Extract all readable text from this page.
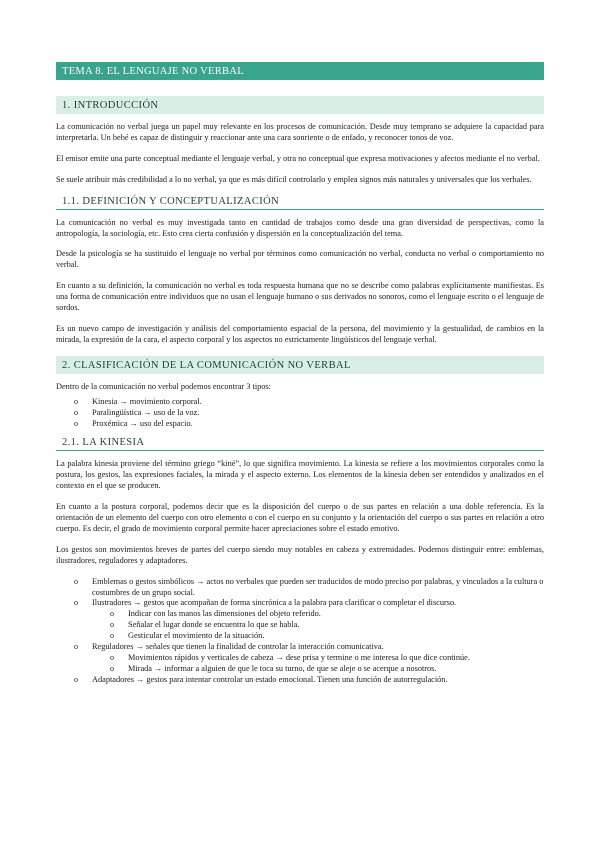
TEMA 8. EL LENGUAJE NO VERBAL
1. INTRODUCCIÓN

La comunicación no verbal juega un papel muy relevante en los procesos de comunicación. Desde muy temprano se adquiere la capacidad para interpretarla. Un bebé es capaz de distinguir y reaccionar ante una cara sonriente o de enfado, y reconocer tonos de voz.

El emisor emite una parte conceptual mediante el lenguaje verbal, y otra no conceptual que expresa motivaciones y afectos mediante el no verbal.

Se suele atribuir más credibilidad a lo no verbal, ya que es más difícil controlarlo y emplea signos más naturales y universales que los verbales.

1.1. DEFINICIÓN Y CONCEPTUALIZACIÓN

La comunicación no verbal es muy investigada tanto en cantidad de trabajos como desde una gran diversidad de perspectivas, como la antropología, la sociología, etc. Esto crea cierta confusión y dispersión en la conceptualización del tema.

Desde la psicología se ha sustituido el lenguaje no verbal por términos como comunicación no verbal, conducta no verbal o comportamiento no verbal.

En cuanto a su definición, la comunicación no verbal es toda respuesta humana que no se describe como palabras explícitamente manifiestas. Es una forma de comunicación entre individuos que no usan el lenguaje humano o sus derivados no sonoros, como el lenguaje escrito o el lenguaje de sordos.

Es un nuevo campo de investigación y análisis del comportamiento espacial de la persona, del movimiento y la gestualidad, de cambios en la mirada, la expresión de la cara, el aspecto corporal y los aspectos no estrictamente lingüísticos del lenguaje verbal.

2. CLASIFICACIÓN DE LA COMUNICACIÓN NO VERBAL

Dentro de la comunicación no verbal podemos encontrar 3 tipos:

o Kinesia → movimiento corporal.
o Paralingüística → uso de la voz.
o Proxémica → uso del espacio.
2.1. LA KINESIA

La palabra kinesia proviene del término griego “kiné”, lo que significa movimiento. La kinesia se refiere a los movimientos corporales como la postura, los gestos, las expresiones faciales, la mirada y el aspecto externo. Los elementos de la kinesia deben ser entendidos y analizados en el contexto en el que se producen.

En cuanto a la postura corporal, podemos decir que es la disposición del cuerpo o de sus partes en relación a una doble referencia. Es la orientación de un elemento del cuerpo con otro elemento o con el cuerpo en su conjunto y la orientación del cuerpo o sus partes en relación a otro cuerpo. Es decir, el grado de movimiento corporal permite hacer apreciaciones sobre el estado emotivo.

Los gestos son movimientos breves de partes del cuerpo siendo muy notables en cabeza y extremidades. Podemos distinguir entre: emblemas, ilustradores, reguladores y adaptadores.

o Emblemas o gestos simbólicos → actos no verbales que pueden ser traducidos de modo preciso por palabras, y vinculados a la cultura o costumbres de un grupo social.
o Ilustradores → gestos que acompañan de forma sincrónica a la palabra para clarificar o completar el discurso.
o Indicar con las manos las dimensiones del objeto referido.
o Señalar el lugar donde se encuentra lo que se habla.
o Gesticular el movimiento de la situación.
o Reguladores → señales que tienen la finalidad de controlar la interacción comunicativa.
o Movimientos rápidos y verticales de cabeza → dese prisa y termine o me interesa lo que dice continúe.
o Mirada → informar a alguien de que le toca su turno, de que se aleje o se acerque a nosotros.
o Adaptadores → gestos para intentar controlar un estado emocional. Tienen una función de autorregulación.
